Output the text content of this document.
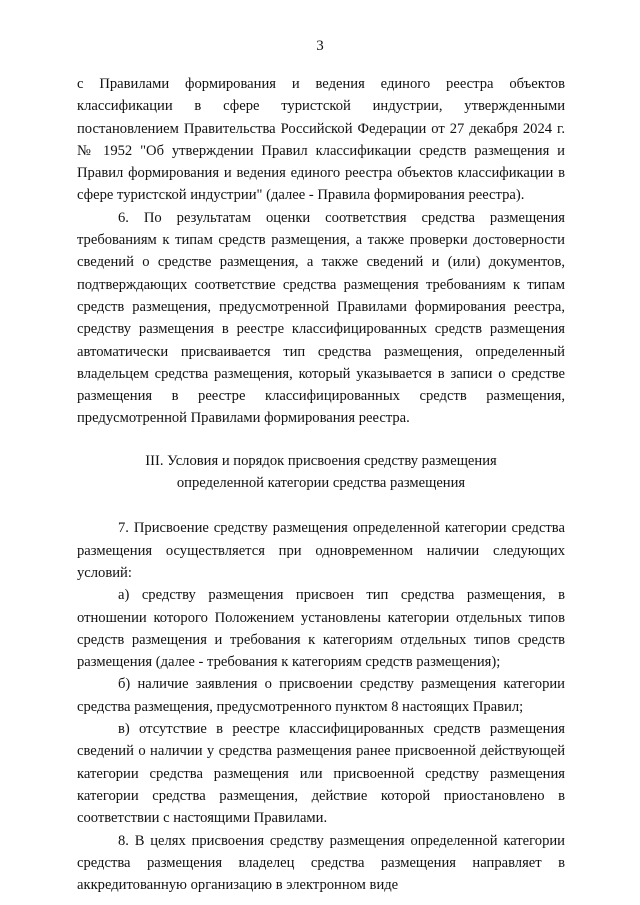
3

с Правилами формирования и ведения единого реестра объектов классификации в сфере туристской индустрии, утвержденными постановлением Правительства Российской Федерации от 27 декабря 2024 г. № 1952 "Об утверждении Правил классификации средств размещения и Правил формирования и ведения единого реестра объектов классификации в сфере туристской индустрии" (далее - Правила формирования реестра).

6. По результатам оценки соответствия средства размещения требованиям к типам средств размещения, а также проверки достоверности сведений о средстве размещения, а также сведений и (или) документов, подтверждающих соответствие средства размещения требованиям к типам средств размещения, предусмотренной Правилами формирования реестра, средству размещения в реестре классифицированных средств размещения автоматически присваивается тип средства размещения, определенный владельцем средства размещения, который указывается в записи о средстве размещения в реестре классифицированных средств размещения, предусмотренной Правилами формирования реестра.

III. Условия и порядок присвоения средству размещения

определенной категории средства размещения

7. Присвоение средству размещения определенной категории средства размещения осуществляется при одновременном наличии следующих условий:

а) средству размещения присвоен тип средства размещения, в отношении которого Положением установлены категории отдельных типов средств размещения и требования к категориям отдельных типов средств размещения (далее - требования к категориям средств размещения);

б) наличие заявления о присвоении средству размещения категории средства размещения, предусмотренного пунктом 8 настоящих Правил;

в) отсутствие в реестре классифицированных средств размещения сведений о наличии у средства размещения ранее присвоенной действующей категории средства размещения или присвоенной средству размещения категории средства размещения, действие которой приостановлено в соответствии с настоящими Правилами.

8. В целях присвоения средству размещения определенной категории средства размещения владелец средства размещения направляет в аккредитованную организацию в электронном виде
